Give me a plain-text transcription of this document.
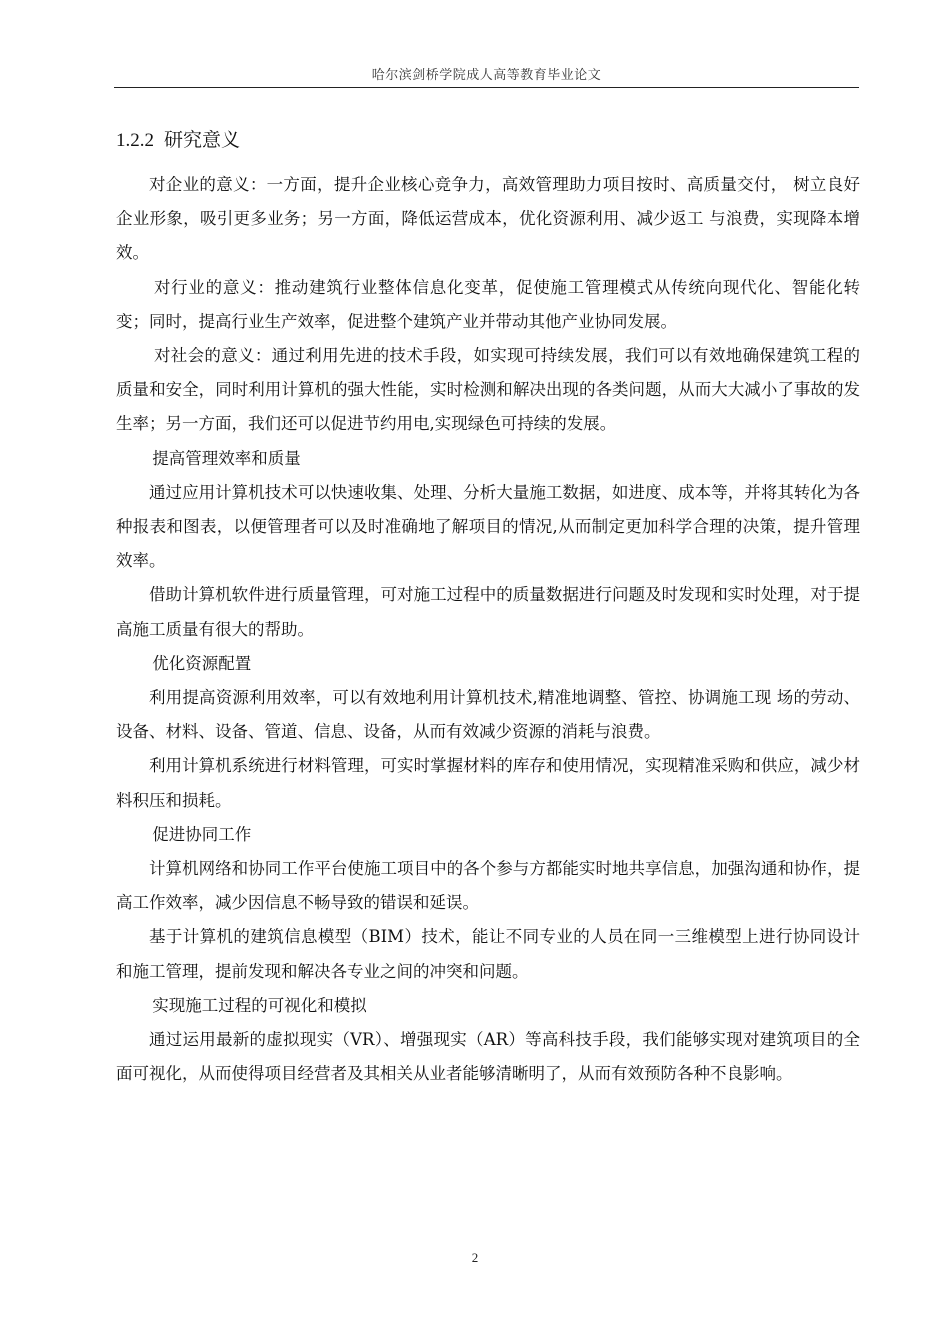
哈尔滨剑桥学院成人高等教育毕业论文
1.2.2 研究意义

对企业的意义：一方面，提升企业核心竞争力，高效管理助力项目按时、高质量交付， 树立良好企业形象，吸引更多业务；另一方面，降低运营成本，优化资源利用、减少返工 与浪费，实现降本增效。

对行业的意义：推动建筑行业整体信息化变革，促使施工管理模式从传统向现代化、智能化转变；同时，提高行业生产效率，促进整个建筑产业并带动其他产业协同发展。

对社会的意义：通过利用先进的技术手段，如实现可持续发展，我们可以有效地确保建筑工程的质量和安全，同时利用计算机的强大性能，实时检测和解决出现的各类问题，从而大大减小了事故的发生率；另一方面，我们还可以促进节约用电,实现绿色可持续的发展。

提高管理效率和质量

通过应用计算机技术可以快速收集、处理、分析大量施工数据，如进度、成本等，并将其转化为各种报表和图表，以便管理者可以及时准确地了解项目的情况,从而制定更加科学合理的决策，提升管理效率。

借助计算机软件进行质量管理，可对施工过程中的质量数据进行问题及时发现和实时处理，对于提高施工质量有很大的帮助。

优化资源配置

利用提高资源利用效率，可以有效地利用计算机技术,精准地调整、管控、协调施工现 场的劳动、设备、材料、设备、管道、信息、设备，从而有效减少资源的消耗与浪费。

利用计算机系统进行材料管理，可实时掌握材料的库存和使用情况，实现精准采购和供应，减少材料积压和损耗。

促进协同工作

计算机网络和协同工作平台使施工项目中的各个参与方都能实时地共享信息，加强沟通和协作，提高工作效率，减少因信息不畅导致的错误和延误。

基于计算机的建筑信息模型（BIM）技术，能让不同专业的人员在同一三维模型上进行协同设计和施工管理，提前发现和解决各专业之间的冲突和问题。

实现施工过程的可视化和模拟

通过运用最新的虚拟现实（VR）、增强现实（AR）等高科技手段，我们能够实现对建筑项目的全面可视化，从而使得项目经营者及其相关从业者能够清晰明了，从而有效预防各种不良影响。

2
